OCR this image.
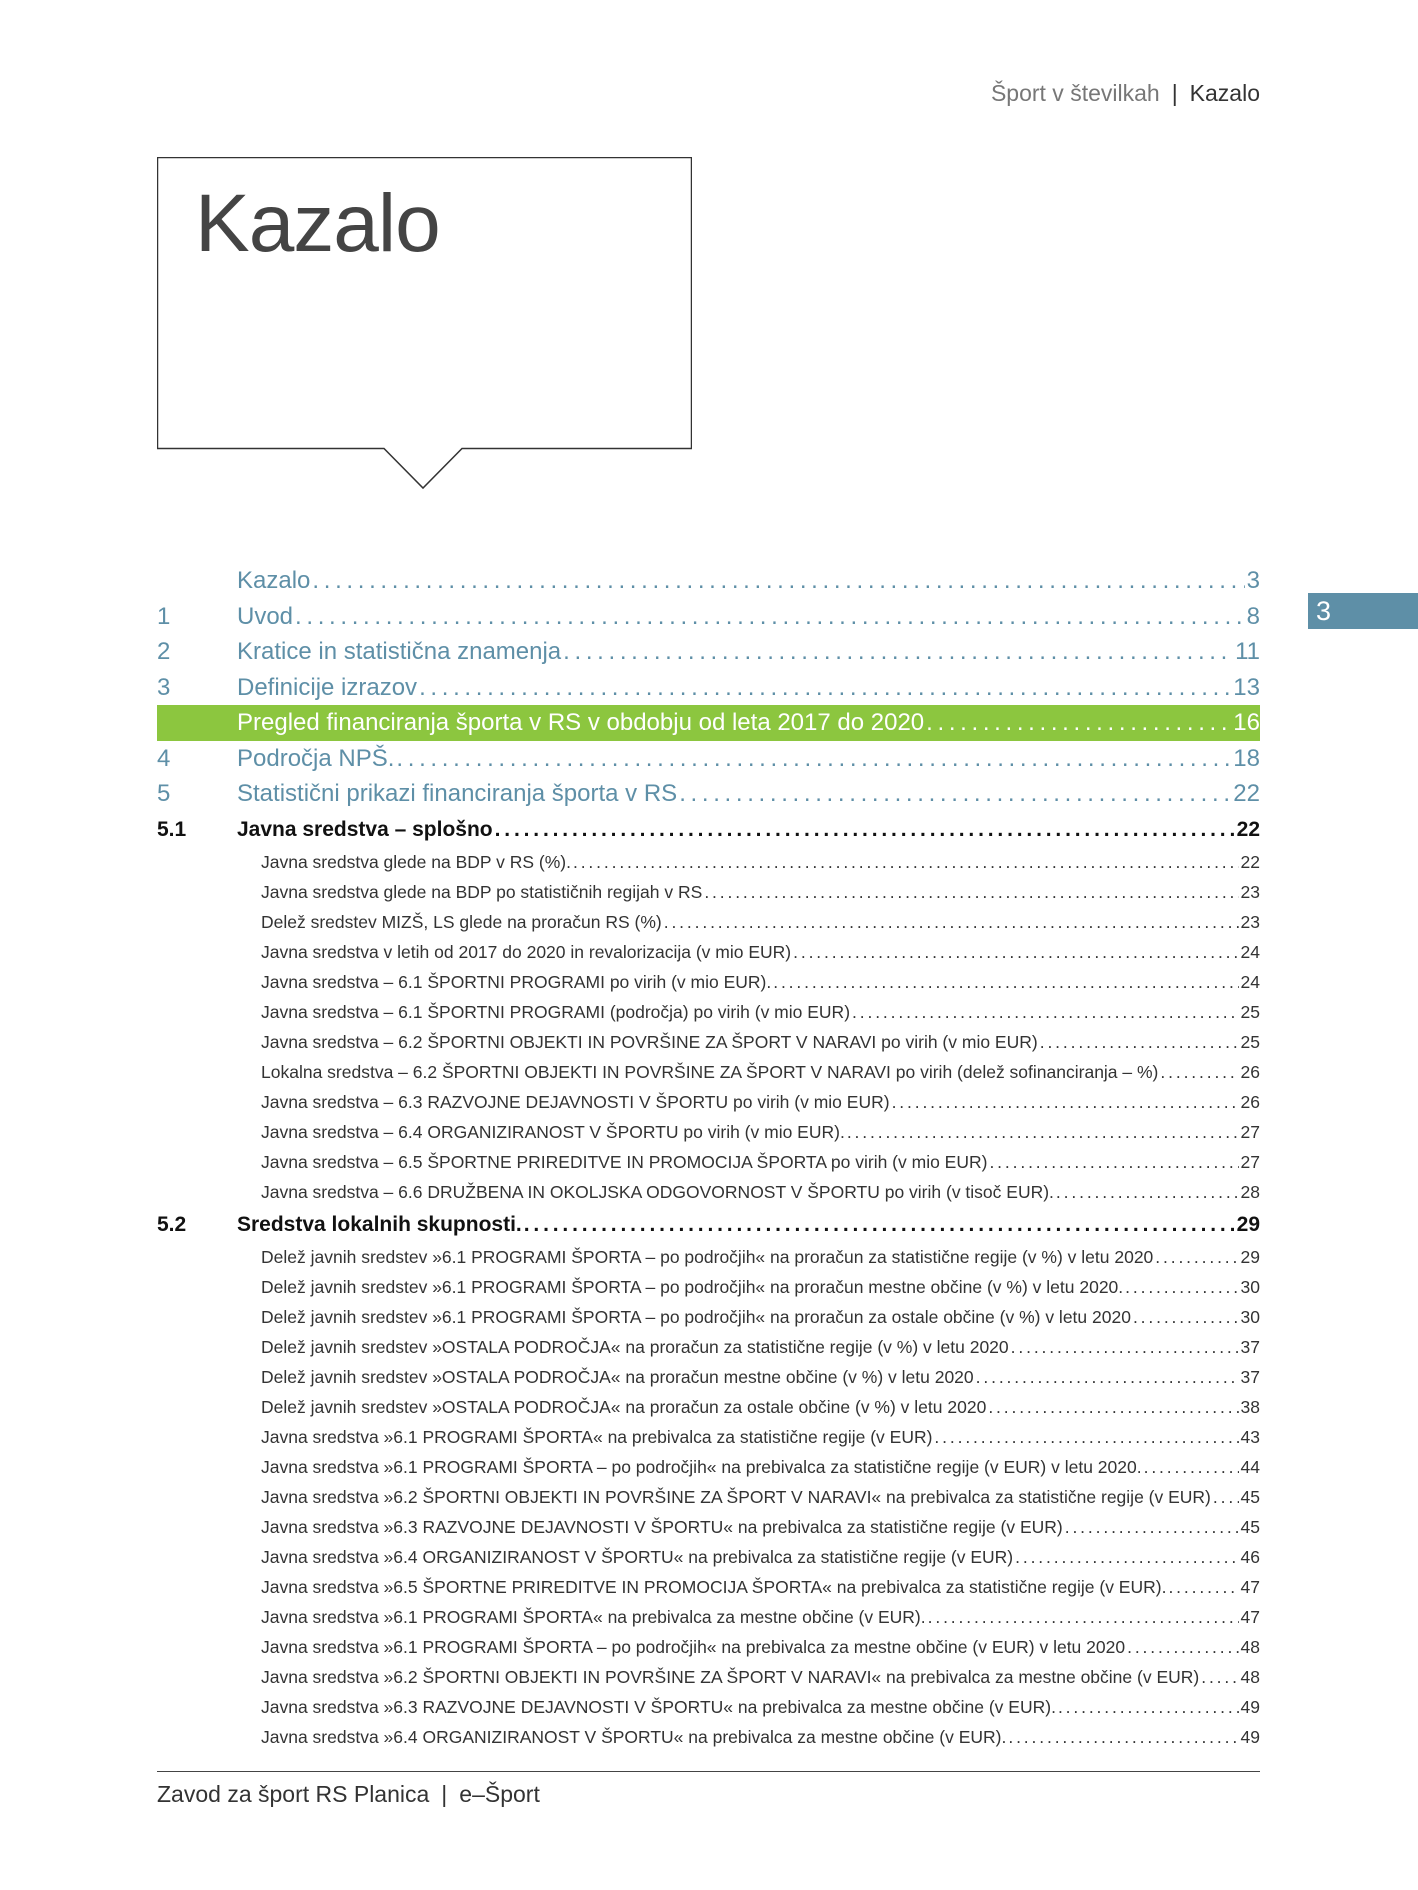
Šport v številkah | Kazalo
Kazalo
3
Kazalo . . .	3
1	Uvod . . .	8
2	Kratice in statistična znamenja . . .	11
3	Definicije izrazov . . .	13
Pregled financiranja športa v RS v obdobju od leta 2017 do 2020 . . .	16
4	Področja NPŠ. . . .	18
5	Statistični prikazi financiranja športa v RS . . .	22
5.1	Javna sredstva – splošno . . .	22
Javna sredstva glede na BDP v RS (%). . . .	22
Javna sredstva glede na BDP po statističnih regijah v RS . . .	23
Delež sredstev MIZŠ, LS glede na proračun RS (%) . . .	23
Javna sredstva v letih od 2017 do 2020 in revalorizacija (v mio EUR) . . .	24
Javna sredstva – 6.1 ŠPORTNI PROGRAMI po virih (v mio EUR). . . .	24
Javna sredstva – 6.1 ŠPORTNI PROGRAMI (področja) po virih (v mio EUR) . . .	25
Javna sredstva – 6.2 ŠPORTNI OBJEKTI IN POVRŠINE ZA ŠPORT V NARAVI po virih (v mio EUR) . . .	25
Lokalna sredstva – 6.2 ŠPORTNI OBJEKTI IN POVRŠINE ZA ŠPORT V NARAVI po virih (delež sofinanciranja – %) . . .	26
Javna sredstva – 6.3 RAZVOJNE DEJAVNOSTI V ŠPORTU po virih (v mio EUR) . . .	26
Javna sredstva – 6.4 ORGANIZIRANOST V ŠPORTU po virih (v mio EUR). . . .	27
Javna sredstva – 6.5 ŠPORTNE PRIREDITVE IN PROMOCIJA ŠPORTA po virih (v mio EUR) . . .	27
Javna sredstva – 6.6 DRUŽBENA IN OKOLJSKA ODGOVORNOST V ŠPORTU po virih (v tisoč EUR). . . .	28
5.2	Sredstva lokalnih skupnosti. . . .	29
Delež javnih sredstev »6.1 PROGRAMI ŠPORTA – po področjih« na proračun za statistične regije (v %) v letu 2020 . . .	29
Delež javnih sredstev »6.1 PROGRAMI ŠPORTA – po področjih« na proračun mestne občine (v %) v letu 2020. . . .	30
Delež javnih sredstev »6.1 PROGRAMI ŠPORTA – po področjih« na proračun za ostale občine (v %) v letu 2020 . . .	30
Delež javnih sredstev »OSTALA PODROČJA« na proračun za statistične regije (v %) v letu 2020 . . .	37
Delež javnih sredstev »OSTALA PODROČJA« na proračun mestne občine (v %) v letu 2020 . . .	37
Delež javnih sredstev »OSTALA PODROČJA« na proračun za ostale občine (v %) v letu 2020 . . .	38
Javna sredstva »6.1 PROGRAMI ŠPORTA« na prebivalca za statistične regije (v EUR) . . .	43
Javna sredstva »6.1 PROGRAMI ŠPORTA – po področjih« na prebivalca za statistične regije (v EUR) v letu 2020. . . .	44
Javna sredstva »6.2 ŠPORTNI OBJEKTI IN POVRŠINE ZA ŠPORT V NARAVI« na prebivalca za statistične regije (v EUR) . . . 45
Javna sredstva »6.3 RAZVOJNE DEJAVNOSTI V ŠPORTU« na prebivalca za statistične regije (v EUR) . . .	45
Javna sredstva »6.4 ORGANIZIRANOST V ŠPORTU« na prebivalca za statistične regije (v EUR) . . .	46
Javna sredstva »6.5 ŠPORTNE PRIREDITVE IN PROMOCIJA ŠPORTA« na prebivalca za statistične regije (v EUR). . . .	47
Javna sredstva »6.1 PROGRAMI ŠPORTA« na prebivalca za mestne občine (v EUR). . . .	47
Javna sredstva »6.1 PROGRAMI ŠPORTA – po področjih« na prebivalca za mestne občine (v EUR) v letu 2020 . . .	48
Javna sredstva »6.2 ŠPORTNI OBJEKTI IN POVRŠINE ZA ŠPORT V NARAVI« na prebivalca za mestne občine (v EUR) . . . 48
Javna sredstva »6.3 RAZVOJNE DEJAVNOSTI V ŠPORTU« na prebivalca za mestne občine (v EUR). . . .	49
Javna sredstva »6.4 ORGANIZIRANOST V ŠPORTU« na prebivalca za mestne občine (v EUR). . . .	49
Zavod za šport RS Planica | e–Šport
